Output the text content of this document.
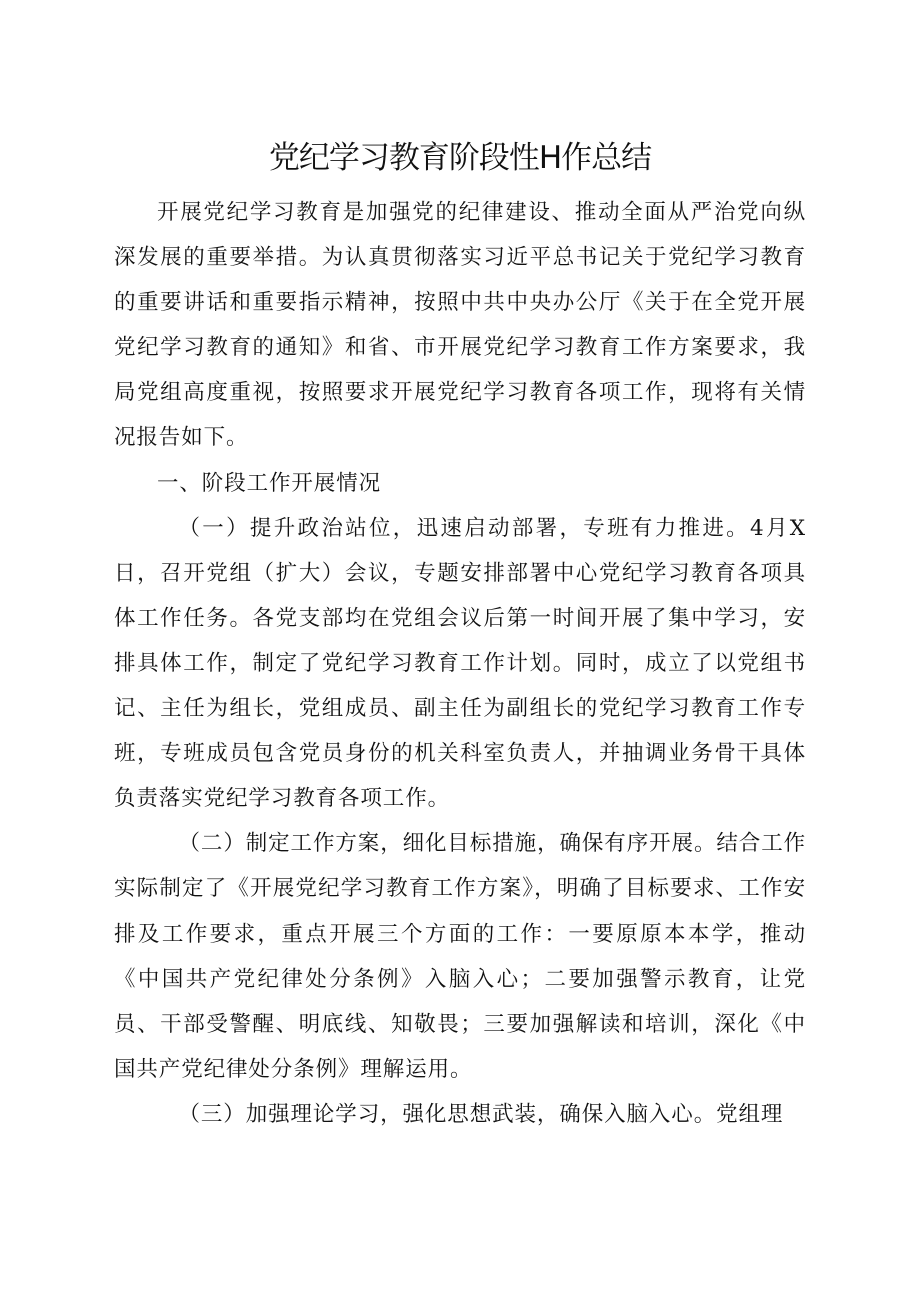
党纪学习教育阶段性H作总结

开展党纪学习教育是加强党的纪律建设、推动全面从严治党向纵深发展的重要举措。为认真贯彻落实习近平总书记关于党纪学习教育的重要讲话和重要指示精神，按照中共中央办公厅《关于在全党开展党纪学习教育的通知》和省、市开展党纪学习教育工作方案要求，我局党组高度重视，按照要求开展党纪学习教育各项工作，现将有关情况报告如下。

一、阶段工作开展情况

（一）提升政治站位，迅速启动部署，专班有力推进。4月X日，召开党组（扩大）会议，专题安排部署中心党纪学习教育各项具体工作任务。各党支部均在党组会议后第一时间开展了集中学习，安排具体工作，制定了党纪学习教育工作计划。同时，成立了以党组书记、主任为组长，党组成员、副主任为副组长的党纪学习教育工作专班，专班成员包含党员身份的机关科室负责人，并抽调业务骨干具体负责落实党纪学习教育各项工作。

（二）制定工作方案，细化目标措施，确保有序开展。结合工作实际制定了《开展党纪学习教育工作方案》，明确了目标要求、工作安排及工作要求，重点开展三个方面的工作：一要原原本本学，推动《中国共产党纪律处分条例》入脑入心；二要加强警示教育，让党员、干部受警醒、明底线、知敬畏；三要加强解读和培训，深化《中国共产党纪律处分条例》理解运用。

（三）加强理论学习，强化思想武装，确保入脑入心。党组理
